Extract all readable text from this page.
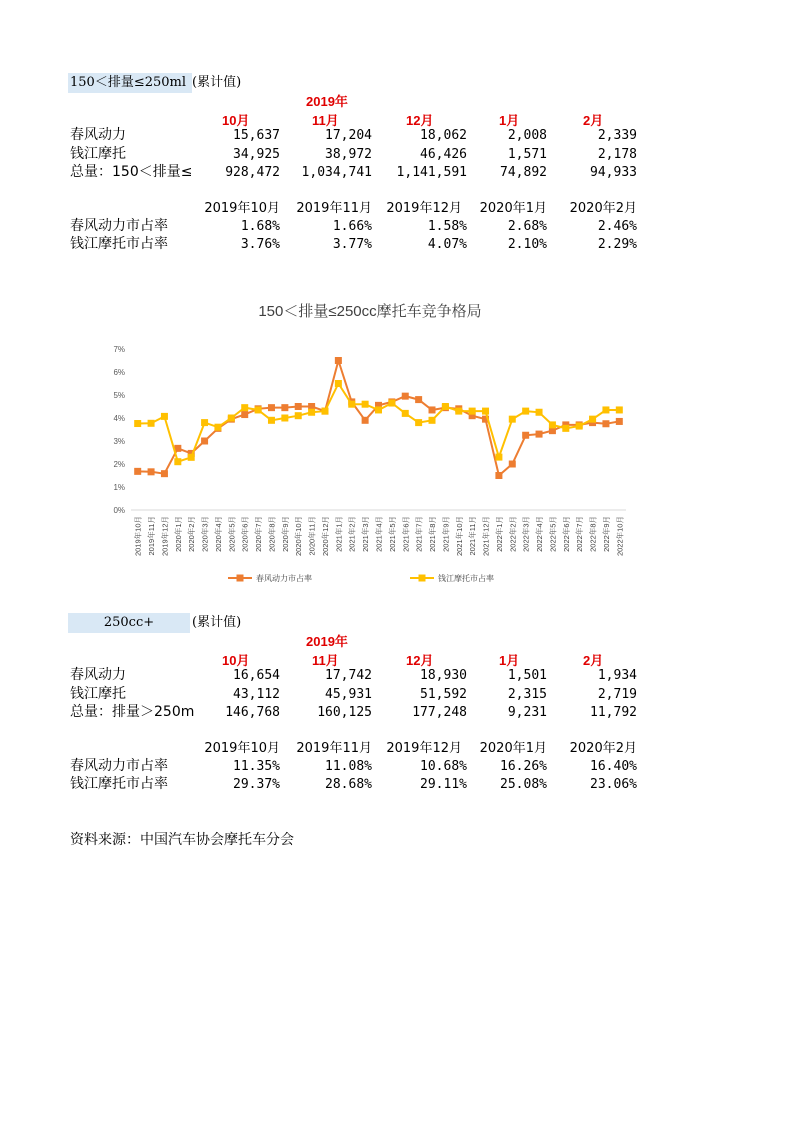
150＜排量≤250ml (累计值)
2019年
10月	11月	12月	1月	2月
春风动力	15,637	17,204	18,062	2,008	2,339
钱江摩托	34,925	38,972	46,426	1,571	2,178
总量：150＜排量≤	928,472	1,034,741	1,141,591	74,892	94,933
2019年10月	2019年11月	2019年12月	2020年1月	2020年2月
春风动力市占率	1.68%	1.66%	1.58%	2.68%	2.46%
钱江摩托市占率	3.76%	3.77%	4.07%	2.10%	2.29%
150＜排量≤250cc摩托车竞争格局
0%
1%
2%
3%
4%
5%
6%
7%
2019年10月 2019年11月 2019年12月 2020年1月 2020年2月 2020年3月 2020年4月 2020年5月 2020年6月 2020年7月 2020年8月 2020年9月 2020年10月 2020年11月 2020年12月 2021年1月 2021年2月 2021年3月 2021年4月 2021年5月 2021年6月 2021年7月 2021年8月 2021年9月 2021年10月 2021年11月 2021年12月 2022年1月 2022年2月 2022年3月 2022年4月 2022年5月 2022年6月 2022年7月 2022年8月 2022年9月 2022年10月
春风动力市占率	钱江摩托市占率
250cc+	(累计值)
2019年
10月	11月	12月	1月	2月
春风动力	16,654	17,742	18,930	1,501	1,934
钱江摩托	43,112	45,931	51,592	2,315	2,719
总量：排量＞250m	146,768	160,125	177,248	9,231	11,792
2019年10月	2019年11月	2019年12月	2020年1月	2020年2月
春风动力市占率	11.35%	11.08%	10.68%	16.26%	16.40%
钱江摩托市占率	29.37%	28.68%	29.11%	25.08%	23.06%
资料来源：中国汽车协会摩托车分会
